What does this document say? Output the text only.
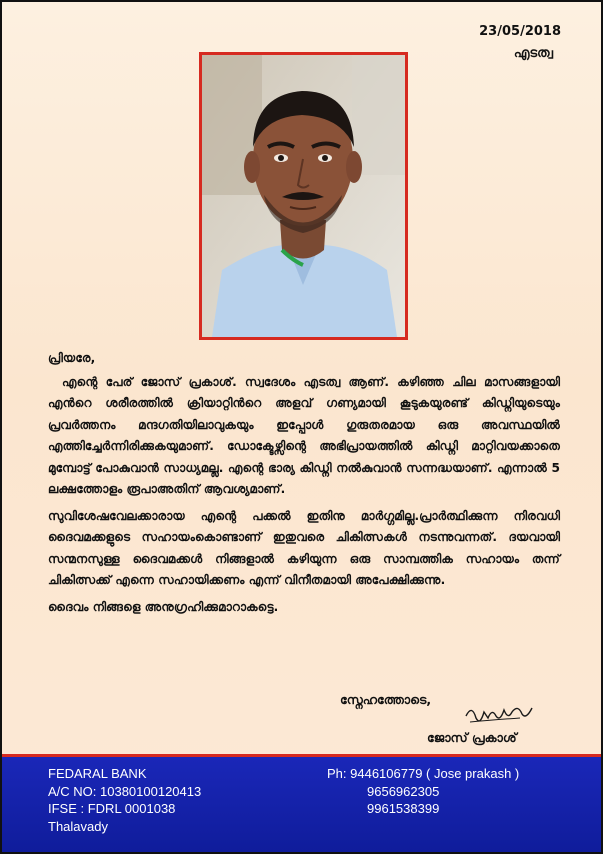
23/05/2018
എടത്വ

പ്രിയരേ,

എന്റെ പേര് ജോസ് പ്രകാശ്. സ്വദേശം എടത്വ ആണ്. കഴിഞ്ഞ ചില മാസങ്ങളായി എൻറെ ശരീരത്തിൽ ക്രിയാറ്റിൻറെ അളവ് ഗണ്യമായി കൂടുകയുരണ്ട് കിഡ്നിയുടെയും പ്രവർത്തനം മന്ദഗതിയിലാവുകയും ഇപ്പോൾ ഗുരുതരമായ ഒരു അവസ്ഥയിൽ എത്തിച്ചേർന്നിരിക്കുകയുമാണ്. ഡോക്ടേഴ്സിന്റെ അഭിപ്രായത്തിൽ കിഡ്നി മാറ്റിവയക്കാതെ മുമ്പോട്ട് പോകുവാൻ സാധ്യമല്ല. എന്റെ ഭാര്യ കിഡ്നി നൽകുവാൻ സന്നദ്ധയാണ്. എന്നാൽ 5 ലക്ഷത്തോളം രൂപാഅതിന് ആവശ്യമാണ്.

സുവിശേഷവേലക്കാരായ എന്റെ പക്കൽ ഇതിനു മാർഗ്ഗമില്ല.പ്രാർത്ഥിക്കുന്ന നിരവധി ദൈവമക്കളുടെ സഹായംകൊണ്ടാണ് ഇതുവരെ ചികിത്സകൾ നടന്നുവന്നത്. ദയവായി സന്മനസുള്ള ദൈവമക്കൾ നിങ്ങളാൽ കഴിയുന്ന ഒരു സാമ്പത്തിക സഹായം തന്ന് ചികിത്സക്ക് എന്നെ സഹായിക്കണം എന്ന് വിനീതമായി അപേക്ഷിക്കുന്നു.

ദൈവം നിങ്ങളെ അനുഗ്രഹിക്കുമാറാകട്ടെ.

സ്നേഹത്തോടെ,
ജോസ് പ്രകാശ്
FEDARAL BANK
A/C NO: 10380100120413
IFSE : FDRL 0001038
Thalavady
Ph: 9446106779 ( Jose prakash )
9656962305
9961538399
